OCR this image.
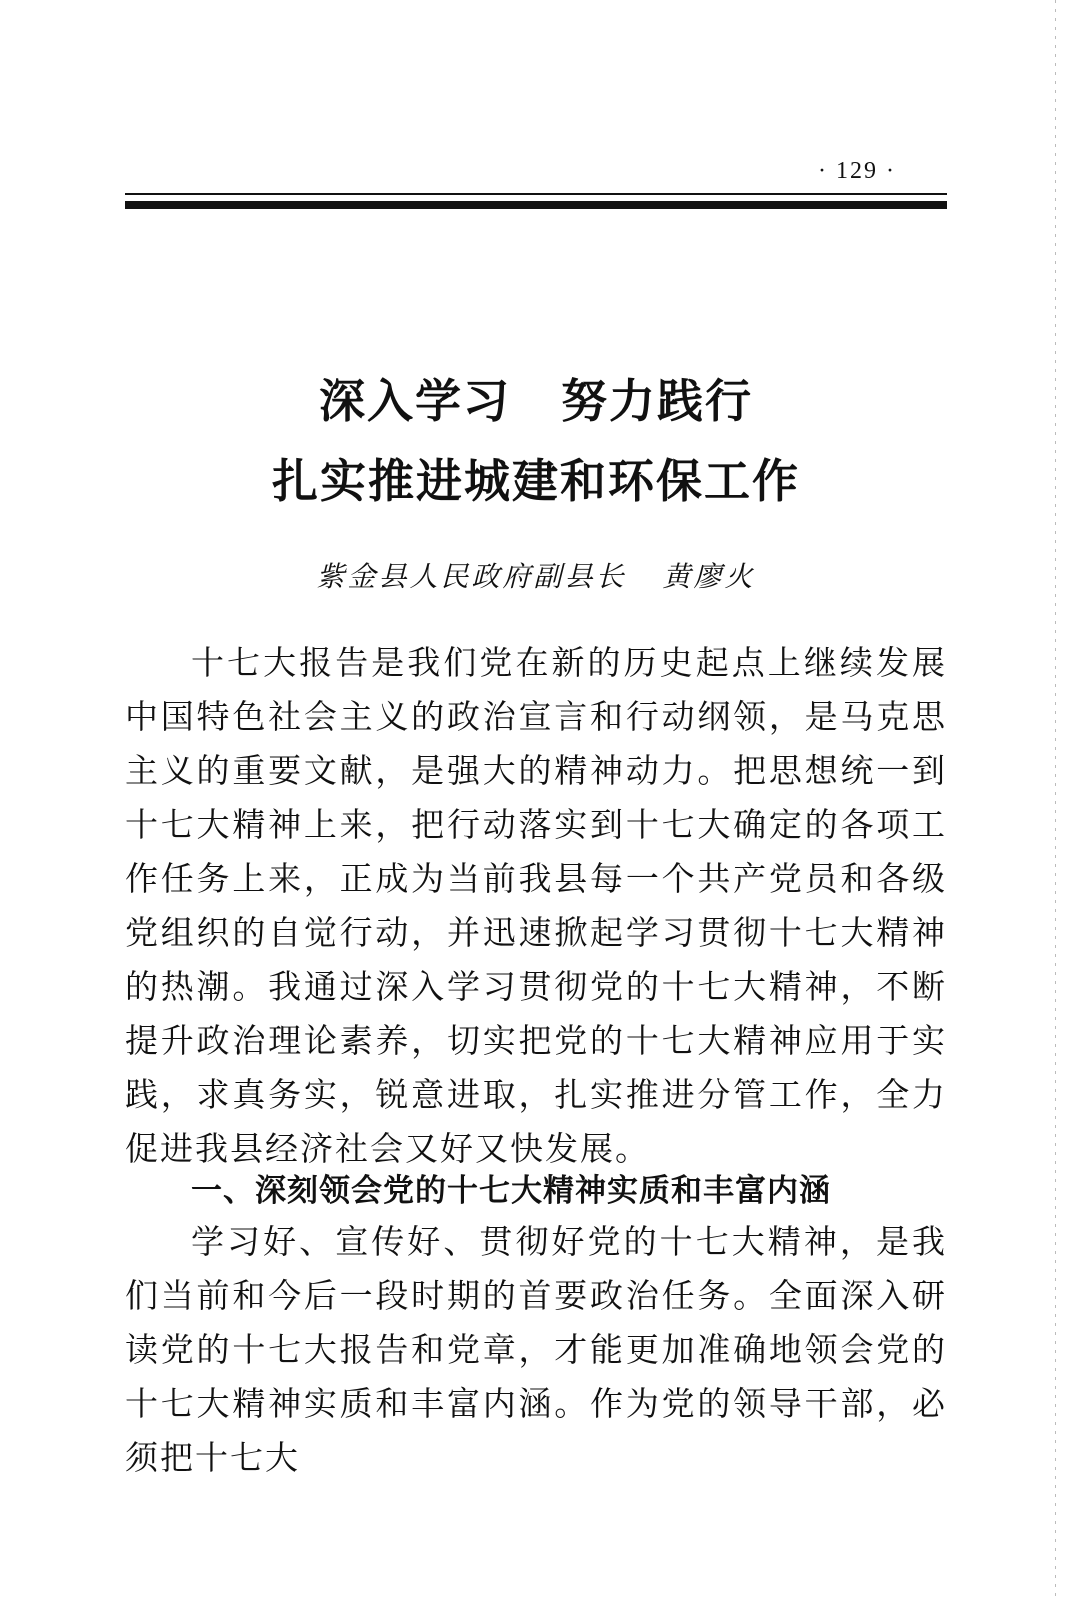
· 129 ·
深入学习 努力践行
扎实推进城建和环保工作
紫金县人民政府副县长 黄廖火

十七大报告是我们党在新的历史起点上继续发展中国特色社会主义的政治宣言和行动纲领，是马克思主义的重要文献，是强大的精神动力。把思想统一到十七大精神上来，把行动落实到十七大确定的各项工作任务上来，正成为当前我县每一个共产党员和各级党组织的自觉行动，并迅速掀起学习贯彻十七大精神的热潮。我通过深入学习贯彻党的十七大精神，不断提升政治理论素养，切实把党的十七大精神应用于实践，求真务实，锐意进取，扎实推进分管工作，全力促进我县经济社会又好又快发展。

一、深刻领会党的十七大精神实质和丰富内涵

学习好、宣传好、贯彻好党的十七大精神，是我们当前和今后一段时期的首要政治任务。全面深入研读党的十七大报告和党章，才能更加准确地领会党的十七大精神实质和丰富内涵。作为党的领导干部，必须把十七大
